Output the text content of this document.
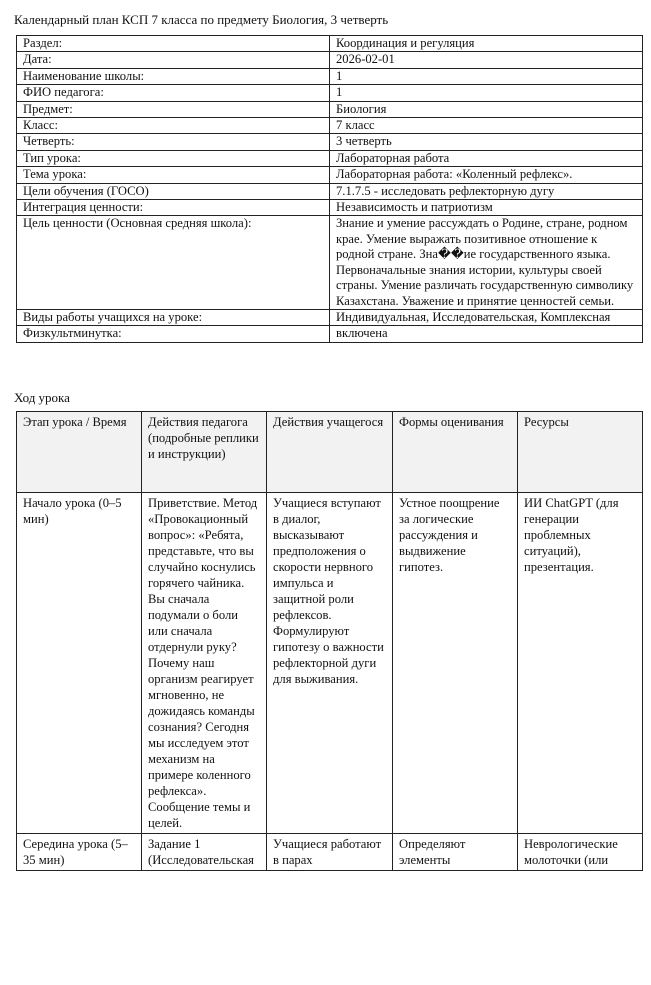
Календарный план КСП 7 класса по предмету Биология, 3 четверть
Раздел:	Координация и регуляция
Дата:	2026-02-01
Наименование школы:	1
ФИО педагога:	1
Предмет:	Биология
Класс:	7 класс
Четверть:	3 четверть
Тип урока:	Лабораторная работа
Тема урока:	Лабораторная работа: «Коленный рефлекс».
Цели обучения (ГОСО)	7.1.7.5 - исследовать рефлекторную дугу
Интеграция ценности:	Независимость и патриотизм
Цель ценности (Основная средняя школа):	Знание и умение рассуждать о Родине, стране, родном крае. Умение выражать позитивное отношение к родной стране. Зна��ие государственного языка. Первоначальные знания истории, культуры своей страны. Умение различать государственную символику Казахстана. Уважение и принятие ценностей семьи.
Виды работы учащихся на уроке:	Индивидуальная, Исследовательская, Комплексная
Физкультминутка:	включена
Ход урока
Этап урока / Время	Действия педагога (подробные реплики и инструкции)	Действия учащегося	Формы оценивания	Ресурсы
Начало урока (0–5 мин)	Приветствие. Метод «Провокационный вопрос»: «Ребята, представьте, что вы случайно коснулись горячего чайника. Вы сначала подумали о боли или сначала отдернули руку? Почему наш организм реагирует мгновенно, не дожидаясь команды сознания? Сегодня мы исследуем этот механизм на примере коленного рефлекса». Сообщение темы и целей.	Учащиеся вступают в диалог, высказывают предположения о скорости нервного импульса и защитной роли рефлексов. Формулируют гипотезу о важности рефлекторной дуги для выживания.	Устное поощрение за логические рассуждения и выдвижение гипотез.	ИИ ChatGPT (для генерации проблемных ситуаций), презентация.
Середина урока (5–35 мин)	Задание 1 (Исследовательская	Учащиеся работают в парах	Определяют элементы	Неврологические молоточки (или
